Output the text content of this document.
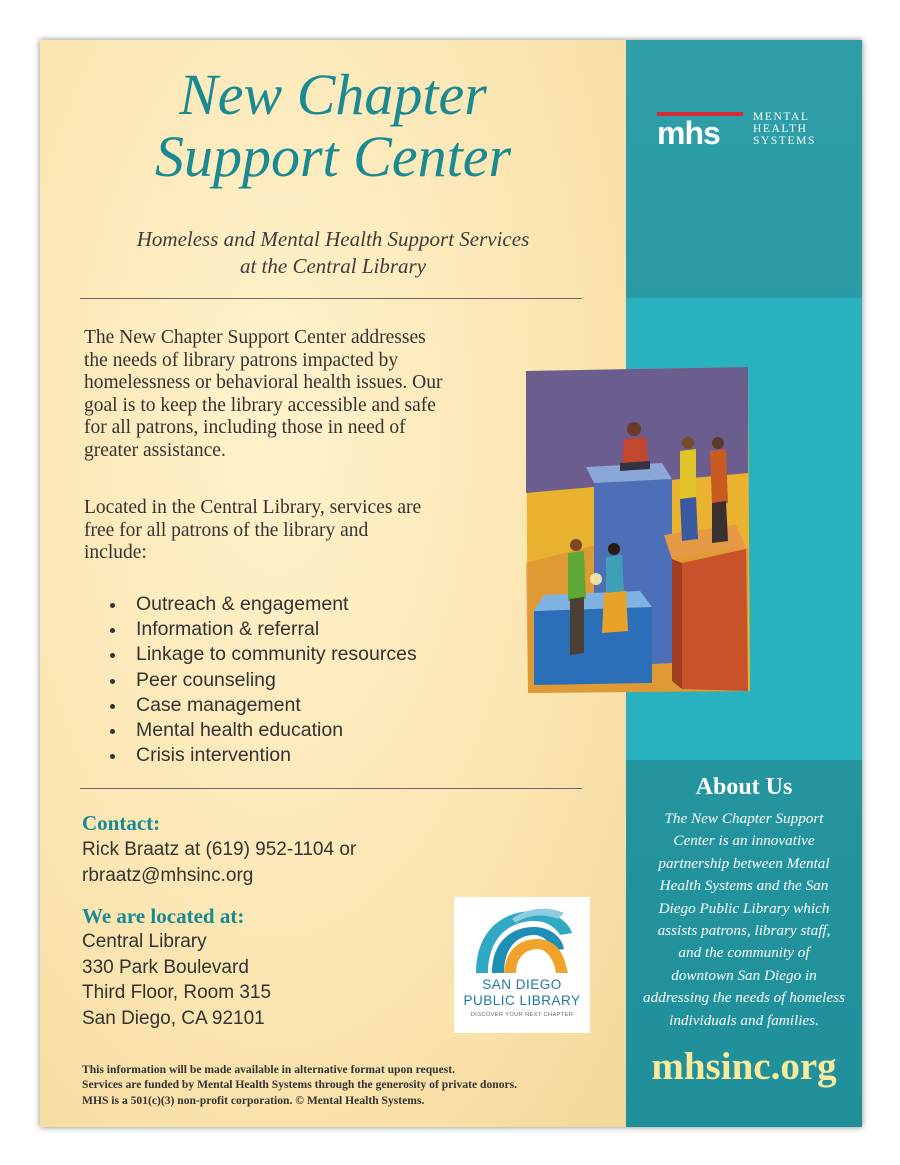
New Chapter
Support Center
Homeless and Mental Health Support Services
at the Central Library
The New Chapter Support Center addresses
the needs of library patrons impacted by
homelessness or behavioral health issues. Our
goal is to keep the library accessible and safe
for all patrons, including those in need of
greater assistance.
Located in the Central Library, services are
free for all patrons of the library and
include:
Outreach & engagement
Information & referral
Linkage to community resources
Peer counseling
Case management
Mental health education
Crisis intervention
Contact:
Rick Braatz at (619) 952-1104 or
rbraatz@mhsinc.org
We are located at:
Central Library
330 Park Boulevard
Third Floor, Room 315
San Diego, CA 92101
SAN DIEGO
PUBLIC LIBRARY
DISCOVER YOUR NEXT CHAPTER
This information will be made available in alternative format upon request.
Services are funded by Mental Health Systems through the generosity of private donors.
MHS is a 501(c)(3) non-profit corporation. © Mental Health Systems.
mhs	MENTAL
HEALTH
SYSTEMS
About Us
The New Chapter Support
Center is an innovative
partnership between Mental
Health Systems and the San
Diego Public Library which
assists patrons, library staff,
and the community of
downtown San Diego in
addressing the needs of homeless
individuals and families.
mhsinc.org
